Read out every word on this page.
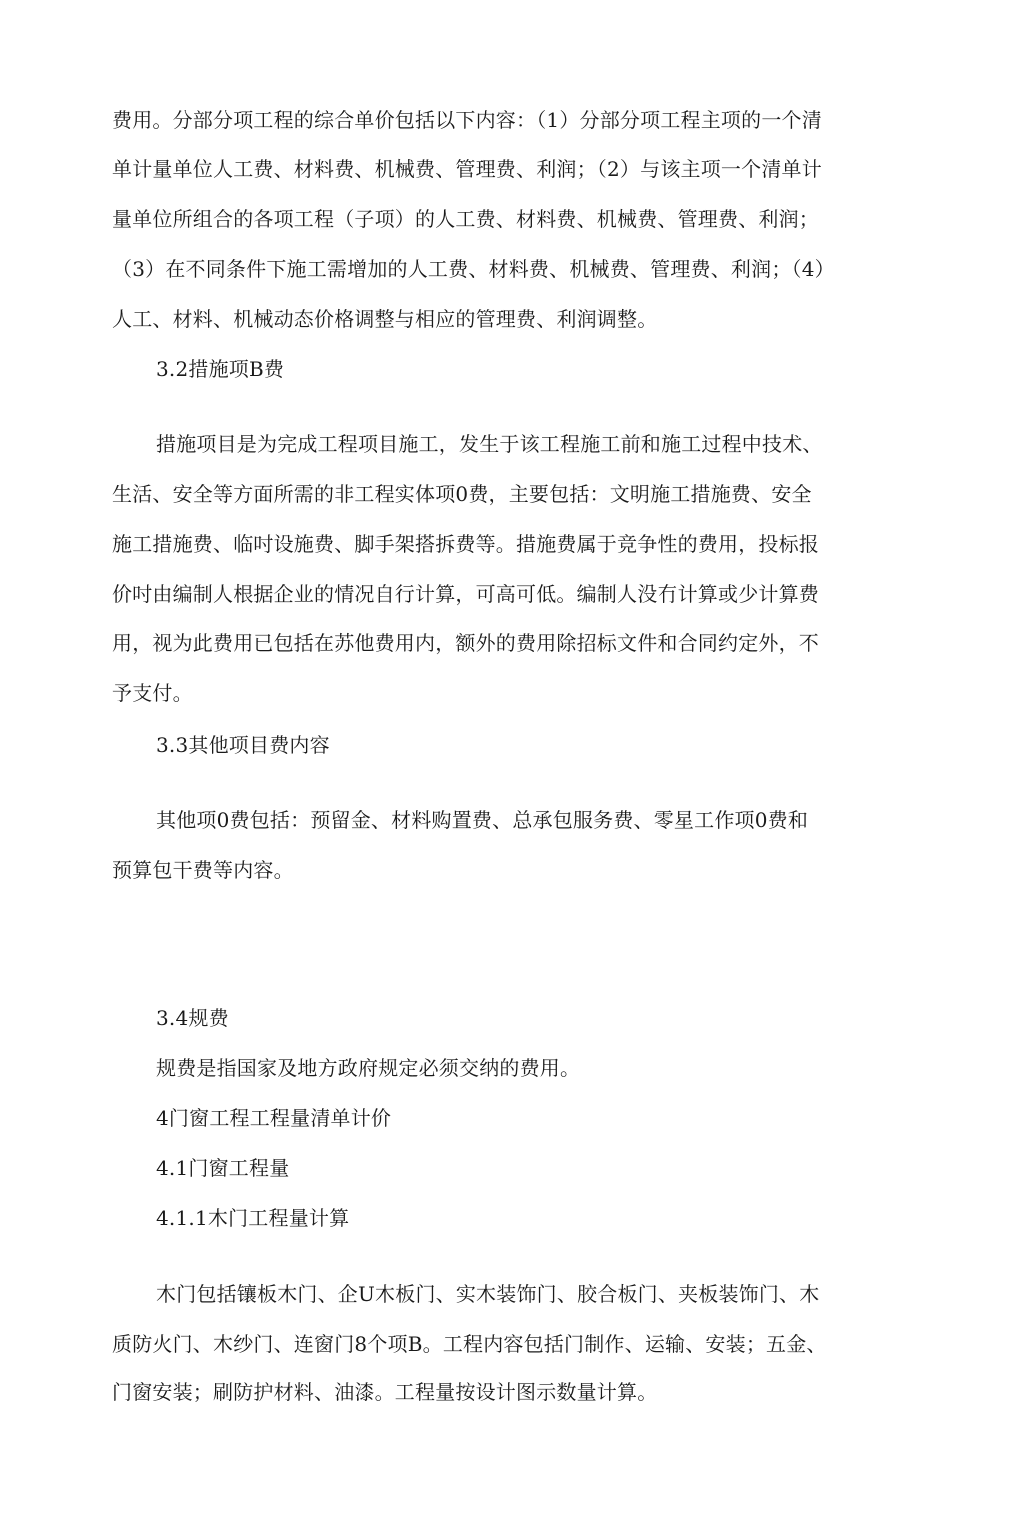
费用。分部分项工程的综合单价包括以下内容：（1）分部分项工程主项的一个清
单计量单位人工费、材料费、机械费、管理费、利润；（2）与该主项一个清单计
量单位所组合的各项工程（子项）的人工费、材料费、机械费、管理费、利润；
（3）在不同条件下施工需增加的人工费、材料费、机械费、管理费、利润；（4）
人工、材料、机械动态价格调整与相应的管理费、利润调整。
3.2措施项B费
措施项目是为完成工程项目施工，发生于该工程施工前和施工过程中技术、
生活、安全等方面所需的非工程实体项0费，主要包括：文明施工措施费、安全
施工措施费、临吋设施费、脚手架搭拆费等。措施费属于竞争性的费用，投标报
价吋由编制人根据企业的情况自行计算，可高可低。编制人没冇计算或少计算费
用，视为此费用已包括在苏他费用内，额外的费用除招标文件和合同约定外，不
予支付。
3.3其他项目费内容
其他项0费包括：预留金、材料购置费、总承包服务费、零星工作项0费和
预算包干费等内容。
3.4规费
规费是指国家及地方政府规定必须交纳的费用。
4门窗工程工程量清单计价
4.1门窗工程量
4.1.1木门工程量计算
木门包括镶板木门、企U木板门、实木装饰门、胶合板门、夹板装饰门、木
质防火门、木纱门、连窗门8个项B。工程内容包括门制作、运输、安装；五金、
门窗安装；刷防护材料、油漆。工程量按设计图示数量计算。
